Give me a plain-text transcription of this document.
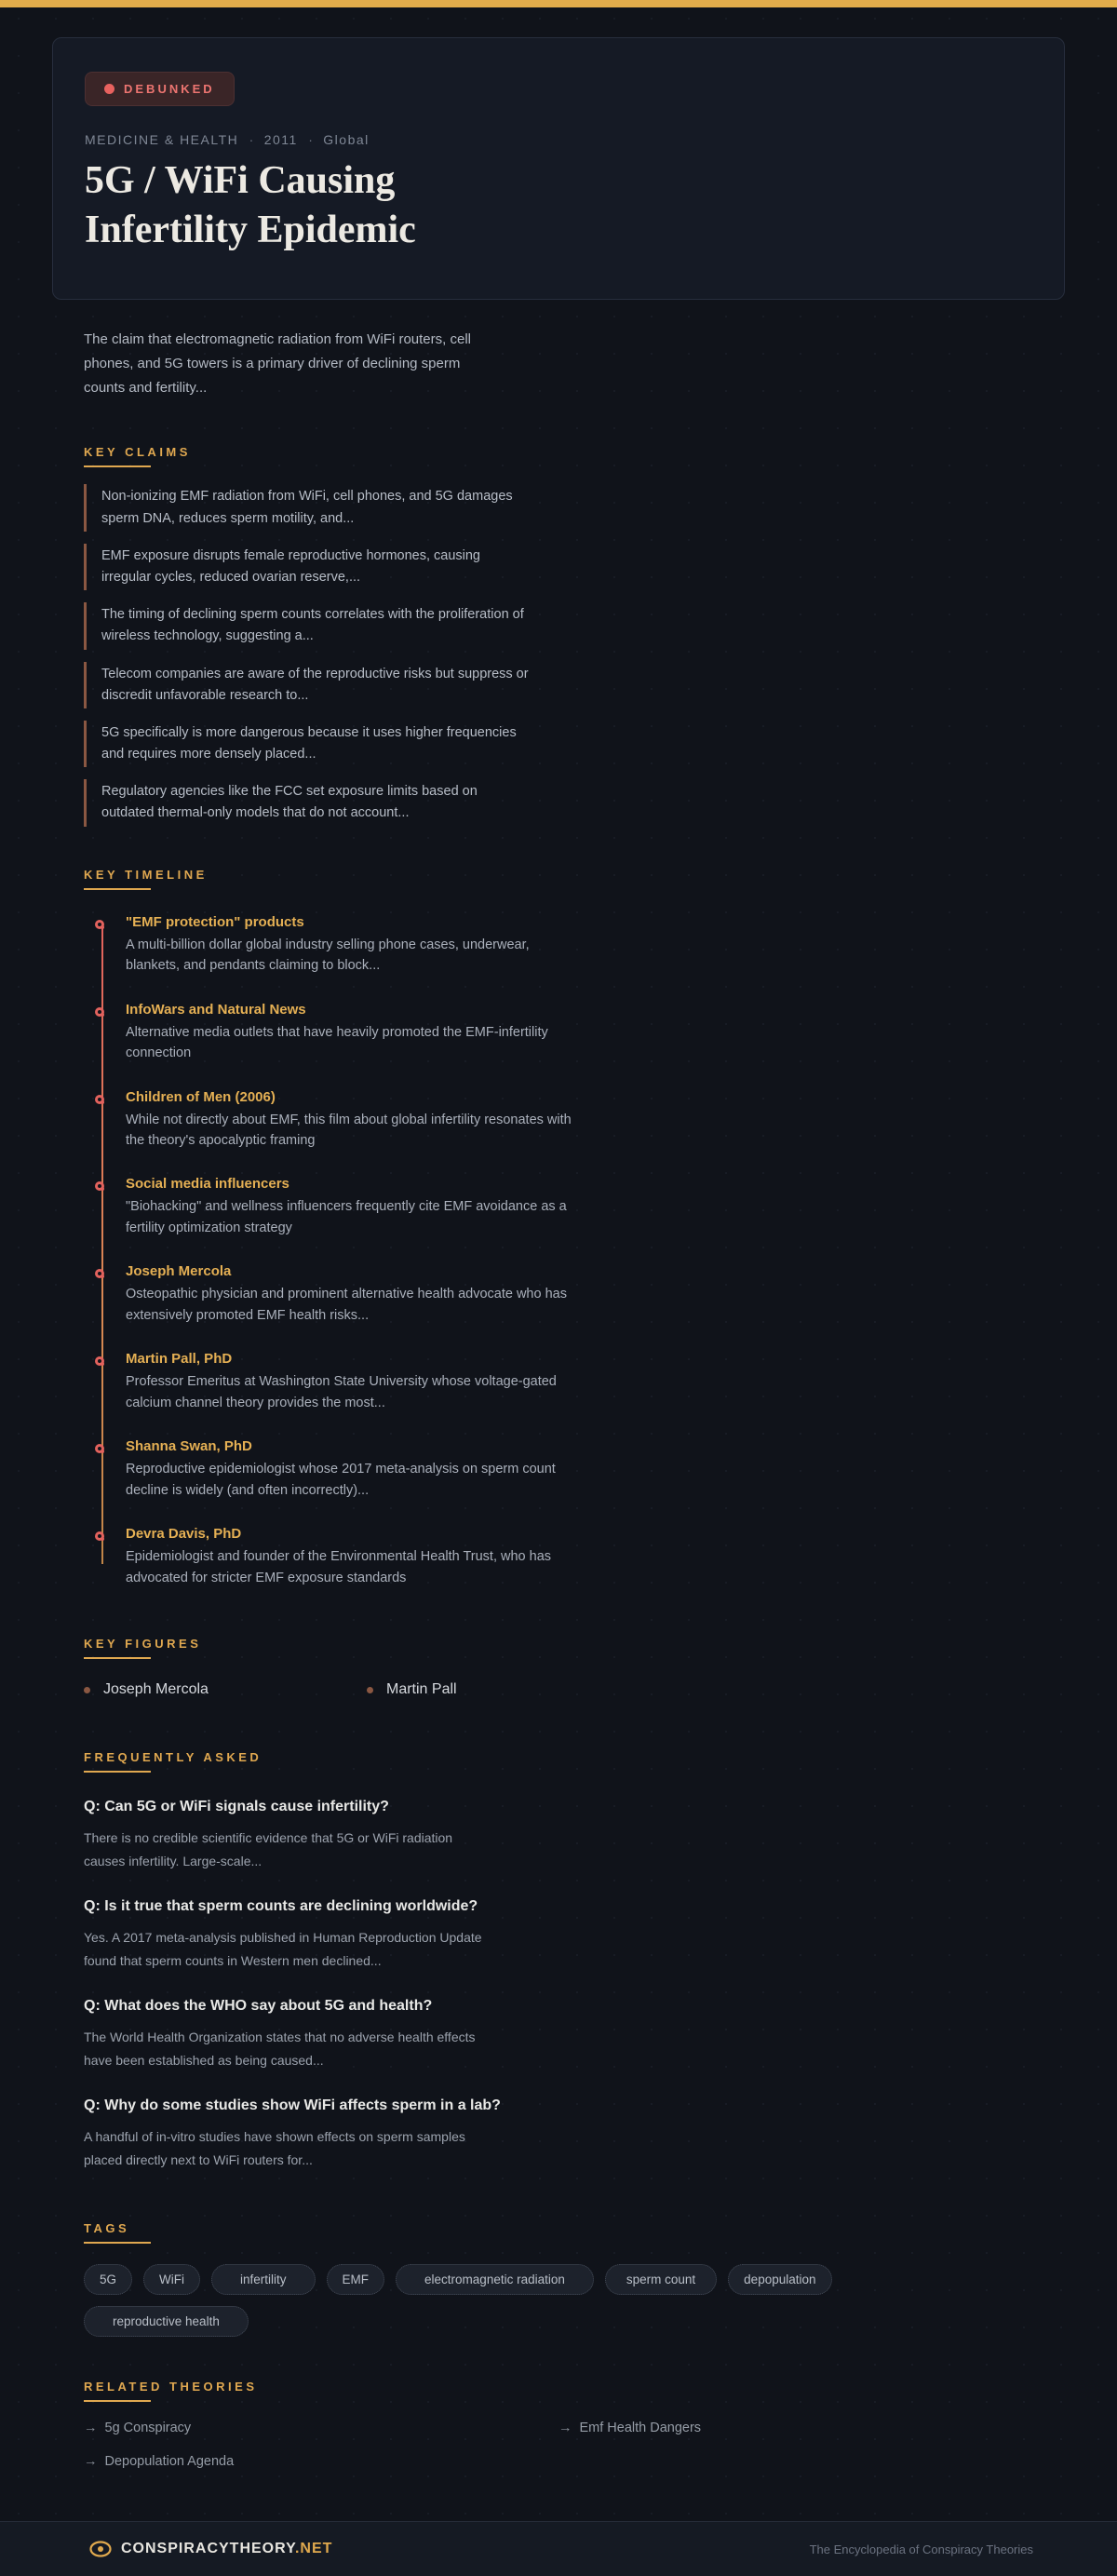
DEBUNKED
MEDICINE & HEALTH · 2011 · Global
5G / WiFi Causing
Infertility Epidemic

The claim that electromagnetic radiation from WiFi routers, cell phones, and 5G towers is a primary driver of declining sperm counts and fertility...

KEY CLAIMS
Non-ionizing EMF radiation from WiFi, cell phones, and 5G damages sperm DNA, reduces sperm motility, and...
EMF exposure disrupts female reproductive hormones, causing irregular cycles, reduced ovarian reserve,...
The timing of declining sperm counts correlates with the proliferation of wireless technology, suggesting a...
Telecom companies are aware of the reproductive risks but suppress or discredit unfavorable research to...
5G specifically is more dangerous because it uses higher frequencies and requires more densely placed...
Regulatory agencies like the FCC set exposure limits based on outdated thermal-only models that do not account...
KEY TIMELINE
"EMF protection" products
A multi-billion dollar global industry selling phone cases, underwear, blankets, and pendants claiming to block...
InfoWars and Natural News
Alternative media outlets that have heavily promoted the EMF-infertility connection
Children of Men (2006)
While not directly about EMF, this film about global infertility resonates with the theory's apocalyptic framing
Social media influencers
"Biohacking" and wellness influencers frequently cite EMF avoidance as a fertility optimization strategy
Joseph Mercola
Osteopathic physician and prominent alternative health advocate who has extensively promoted EMF health risks...
Martin Pall, PhD
Professor Emeritus at Washington State University whose voltage-gated calcium channel theory provides the most...
Shanna Swan, PhD
Reproductive epidemiologist whose 2017 meta-analysis on sperm count decline is widely (and often incorrectly)...
Devra Davis, PhD
Epidemiologist and founder of the Environmental Health Trust, who has advocated for stricter EMF exposure standards
KEY FIGURES
Joseph Mercola	Martin Pall
FREQUENTLY ASKED
Q: Can 5G or WiFi signals cause infertility?
There is no credible scientific evidence that 5G or WiFi radiation causes infertility. Large-scale...
Q: Is it true that sperm counts are declining worldwide?
Yes. A 2017 meta-analysis published in Human Reproduction Update found that sperm counts in Western men declined...
Q: What does the WHO say about 5G and health?
The World Health Organization states that no adverse health effects have been established as being caused...
Q: Why do some studies show WiFi affects sperm in a lab?
A handful of in-vitro studies have shown effects on sperm samples placed directly next to WiFi routers for...
TAGS
5G	WiFi	infertility	EMF	electromagnetic radiation	sperm count	depopulation
reproductive health
RELATED THEORIES
→ 5g Conspiracy	→ Emf Health Dangers
→ Depopulation Agenda
CONSPIRACYTHEORY.NET	The Encyclopedia of Conspiracy Theories
